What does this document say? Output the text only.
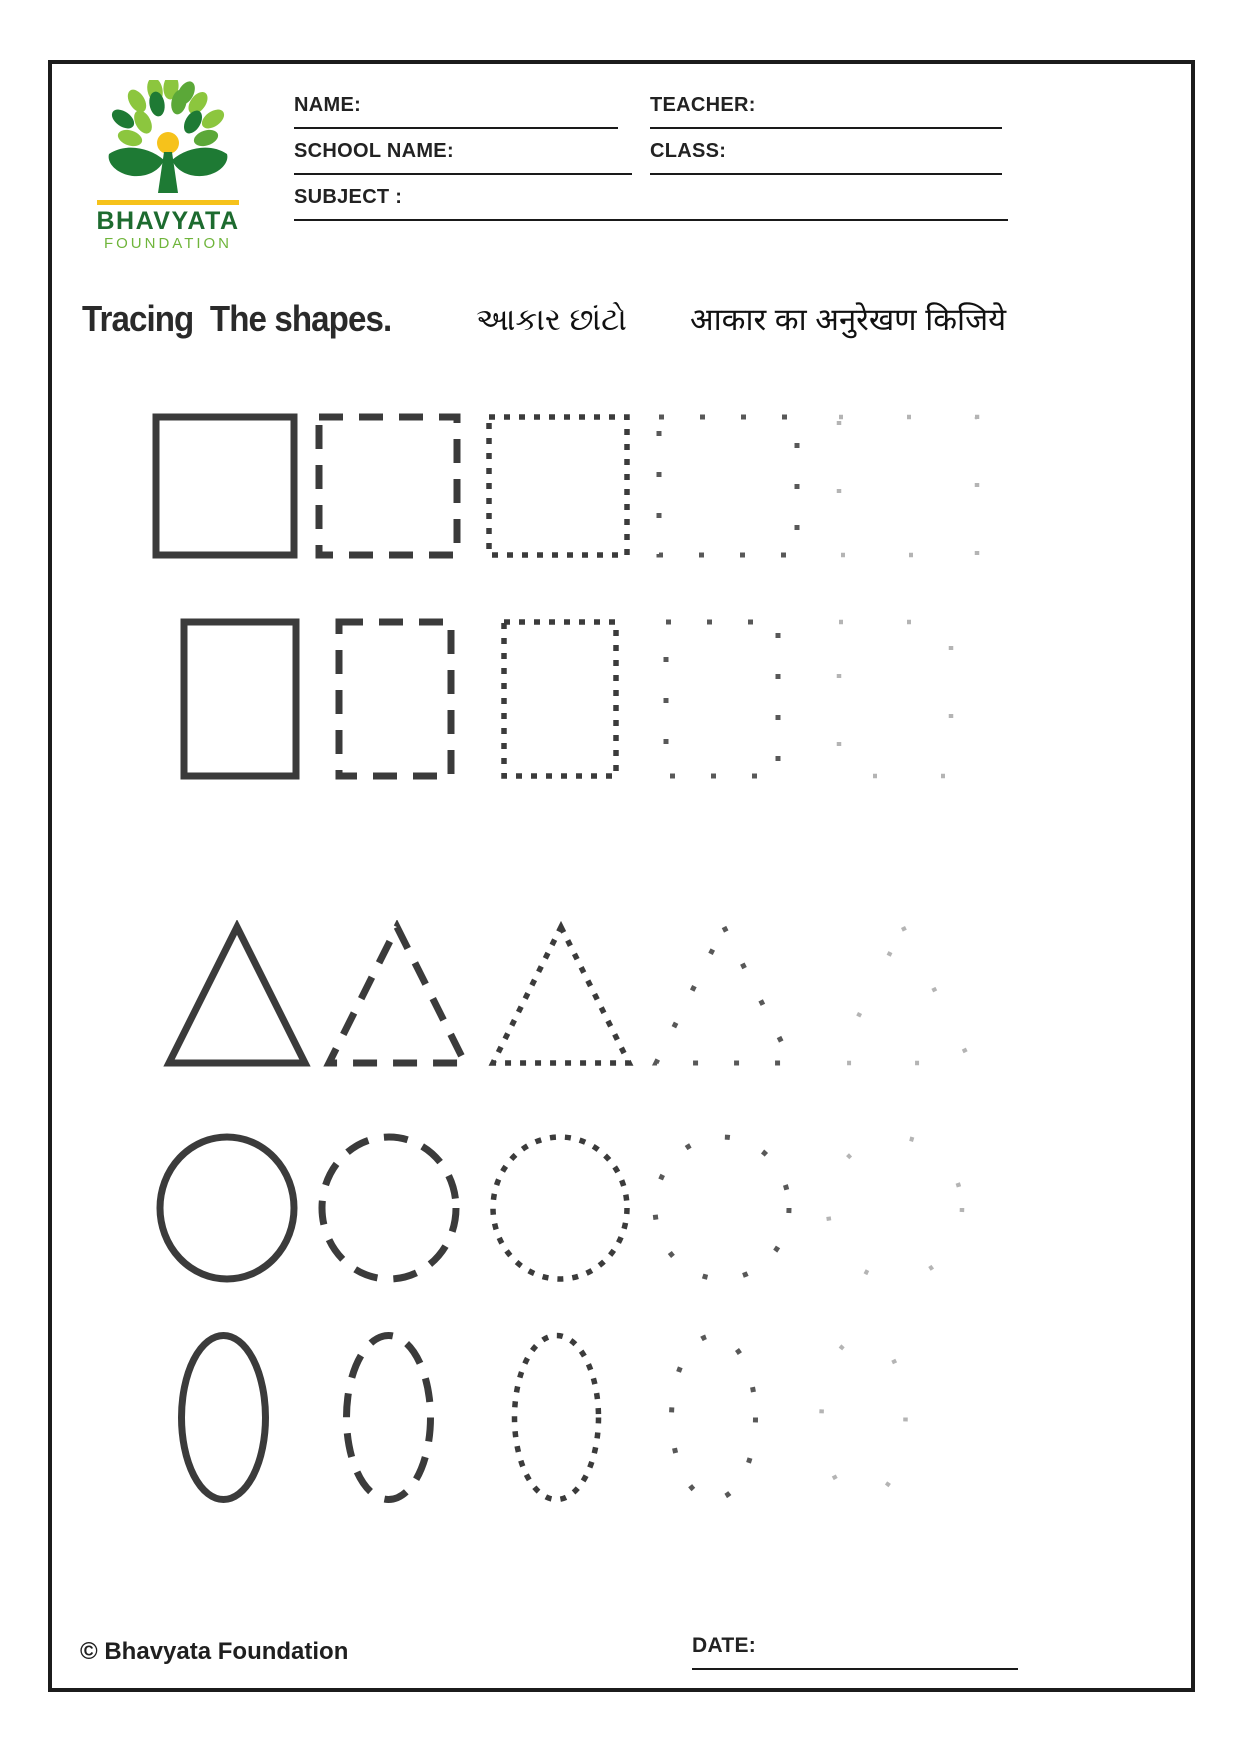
BHAVYATA
FOUNDATION
NAME:	TEACHER:
SCHOOL NAME:	CLASS:
SUBJECT :
Tracing  The shapes.	આકાર છાંટો आकार का अनुरेखण किजिये
© Bhavyata Foundation	DATE:
